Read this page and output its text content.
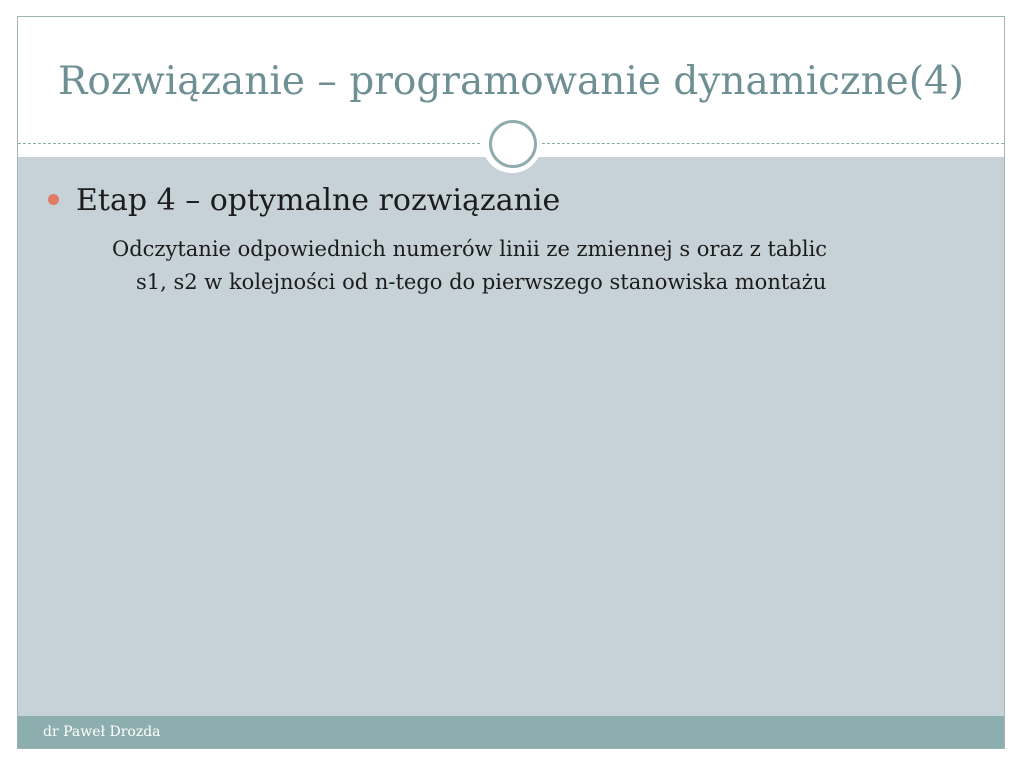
Rozwiązanie – programowanie dynamiczne(4)
Etap 4 – optymalne rozwiązanie
Odczytanie odpowiednich numerów linii ze zmiennej s oraz z tablic
s1, s2 w kolejności od n-tego do pierwszego stanowiska montażu
dr Paweł Drozda
